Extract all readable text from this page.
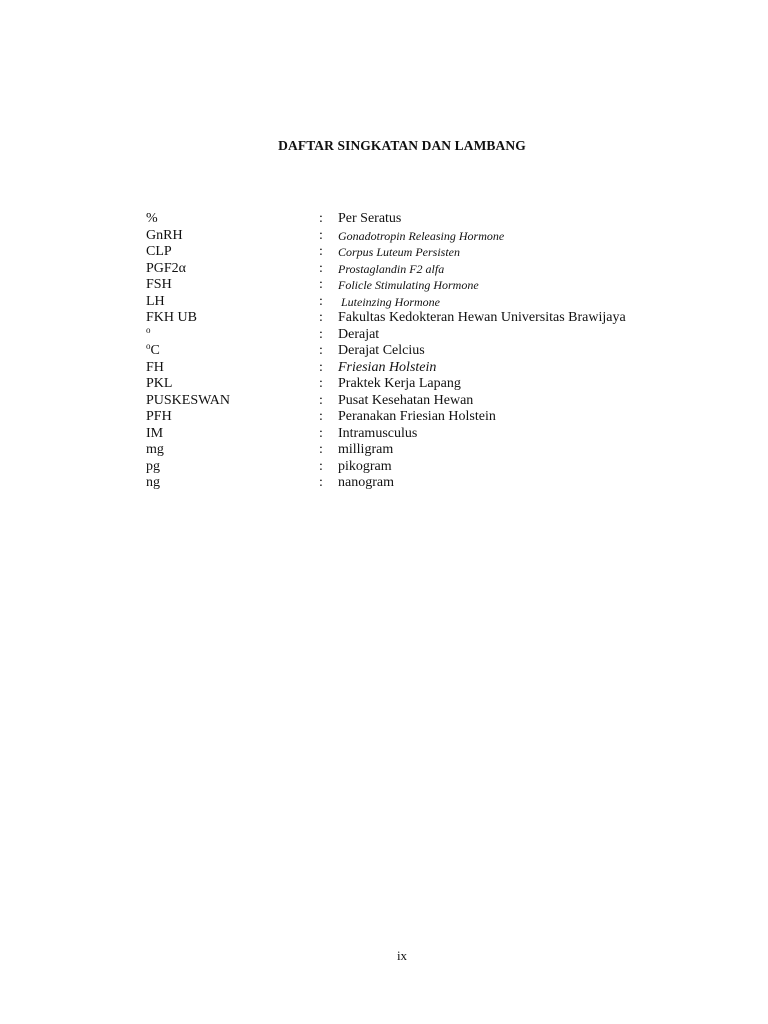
DAFTAR SINGKATAN DAN LAMBANG
%	: Per Seratus
GnRH	: Gonadotropin Releasing Hormone
CLP	: Corpus Luteum Persisten
PGF2α	: Prostaglandin F2 alfa
FSH	: Folicle Stimulating Hormone
LH	: Luteinzing Hormone
FKH UB	: Fakultas Kedokteran Hewan Universitas Brawijaya
$^o$	: Derajat
$^o$C	: Derajat Celcius
FH	: Friesian Holstein
PKL	: Praktek Kerja Lapang
PUSKESWAN	: Pusat Kesehatan Hewan
PFH	: Peranakan Friesian Holstein
IM	: Intramusculus
mg	: milligram
pg	: pikogram
ng	: nanogram
ix
